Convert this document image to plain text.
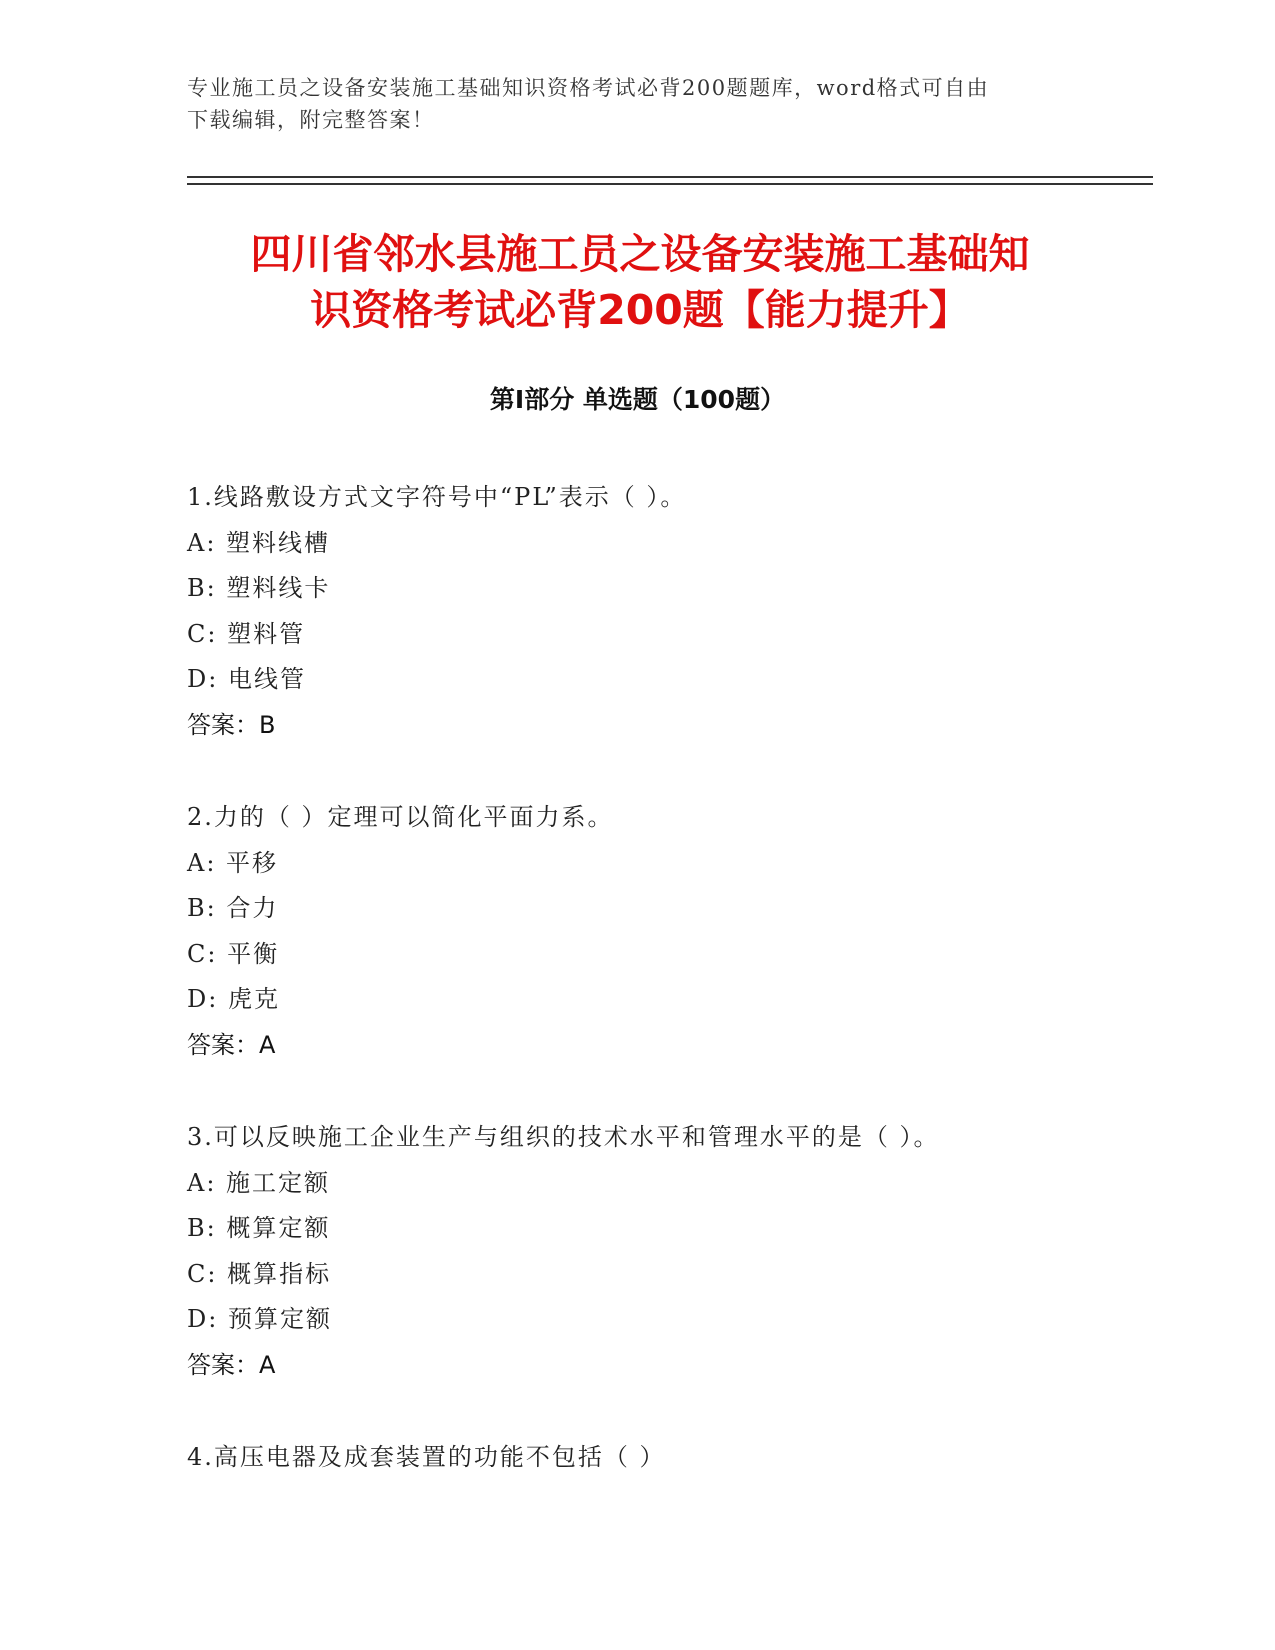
专业施工员之设备安装施工基础知识资格考试必背200题题库，word格式可自由
下载编辑，附完整答案！
四川省邻水县施工员之设备安装施工基础知
识资格考试必背200题【能力提升】
第Ⅰ部分 单选题（100题）
1.线路敷设方式文字符号中“PL”表示（ ）。
A: 塑料线槽
B: 塑料线卡
C: 塑料管
D: 电线管
答案：B
2.力的（ ）定理可以简化平面力系。
A: 平移
B: 合力
C: 平衡
D: 虎克
答案：A
3.可以反映施工企业生产与组织的技术水平和管理水平的是（ ）。
A: 施工定额
B: 概算定额
C: 概算指标
D: 预算定额
答案：A
4.高压电器及成套装置的功能不包括（ ）
